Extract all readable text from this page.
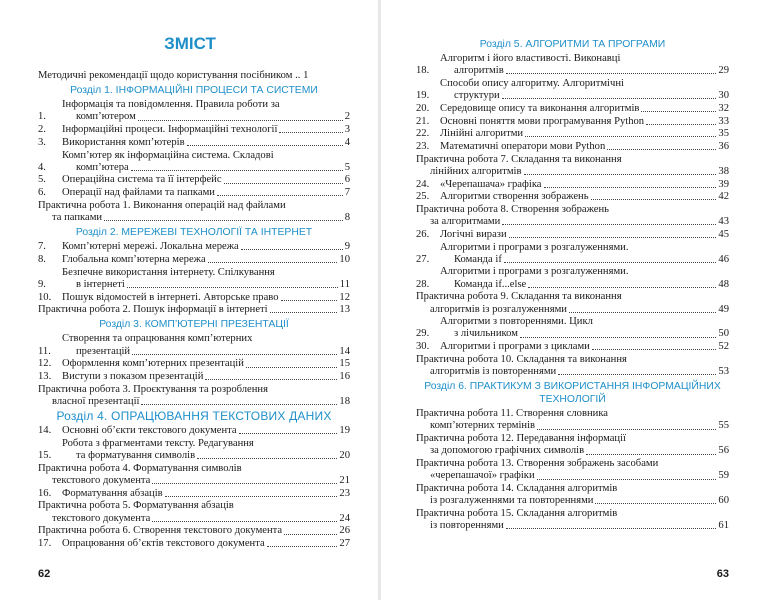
ЗМІСТ
Методичні рекомендації щодо користування посібником .. 1
Розділ 1. ІНФОРМАЦІЙНІ ПРОЦЕСИ ТА СИСТЕМИ
1.
Інформація та повідомлення. Правила роботи за
комп’ютером	2
2.	Інформаційні процеси. Інформаційні технології	3
3.	Використання комп’ютерів	4
4.
Комп’ютер як інформаційна система. Складові
комп’ютера	5
5.	Операційна система та її інтерфейс	6
6.	Операції над файлами та папками	7
Практична робота 1. Виконання операцій над файлами
та папками	8
Розділ 2. МЕРЕЖЕВІ ТЕХНОЛОГІЇ ТА ІНТЕРНЕТ
7.	Комп’ютерні мережі. Локальна мережа	9
8.	Глобальна комп’ютерна мережа	10
9.
Безпечне використання інтернету. Спілкування
в інтернеті	11
10.	Пошук відомостей в інтернеті. Авторське право	12
Практична робота 2. Пошук інформації в інтернеті	13
Розділ 3. КОМП’ЮТЕРНІ ПРЕЗЕНТАЦІЇ
11.
Створення та опрацювання комп’ютерних
презентацій	14
12.	Оформлення комп’ютерних презентацій	15
13.	Виступи з показом презентацій	16
Практична робота 3. Проєктування та розроблення
власної презентації	18
Розділ 4. ОПРАЦЮВАННЯ ТЕКСТОВИХ ДАНИХ
14.	Основні об’єкти текстового документа	19
15.
Робота з фрагментами тексту. Редагування
та форматування символів	20
Практична робота 4. Форматування символів
текстового документа	21
16.	Форматування абзаців	23
Практична робота 5. Форматування абзаців
текстового документа	24
Практична робота 6. Створення текстового документа	26
17.	Опрацювання об’єктів текстового документа	27
62
Розділ 5. АЛГОРИТМИ ТА ПРОГРАМИ
18.
Алгоритм і його властивості. Виконавці
алгоритмів	29
19.
Способи опису алгоритму. Алгоритмічні
структури	30
20.	Середовище опису та виконання алгоритмів	32
21.	Основні поняття мови програмування Python	33
22.	Лінійні алгоритми	35
23.	Математичні оператори мови Python	36
Практична робота 7. Складання та виконання
лінійних алгоритмів	38
24.	«Черепашача» графіка	39
25.	Алгоритми створення зображень	42
Практична робота 8. Створення зображень
за алгоритмами	43
26.	Логічні вирази	45
27.
Алгоритми і програми з розгалуженнями.
Команда if	46
28.
Алгоритми і програми з розгалуженнями.
Команда if...else	48
Практична робота 9. Складання та виконання
алгоритмів із розгалуженнями	49
29.
Алгоритми з повтореннями. Цикл
з лічильником	50
30.	Алгоритми і програми з циклами	52
Практична робота 10. Складання та виконання
алгоритмів із повтореннями	53
Розділ 6. ПРАКТИКУМ З ВИКОРИСТАННЯ ІНФОРМАЦІЙНИХ ТЕХНОЛОГІЙ
Практична робота 11. Створення словника
комп’ютерних термінів	55
Практична робота 12. Передавання інформації
за допомогою графічних символів	56
Практична робота 13. Створення зображень засобами
«черепашачої» графіки	59
Практична робота 14. Складання алгоритмів
із розгалуженнями та повтореннями	60
Практична робота 15. Складання алгоритмів
із повтореннями	61
63
